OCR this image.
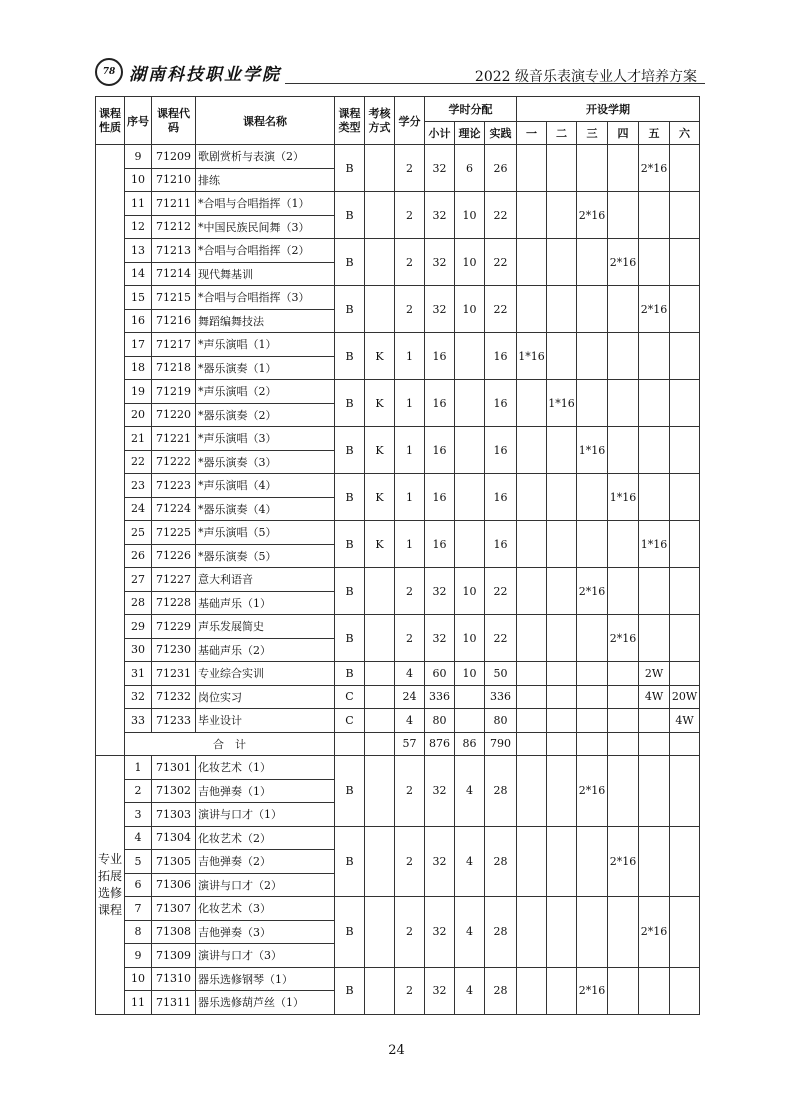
78 湖南科技职业学院	2022 级音乐表演专业人才培养方案
课程性质	序号	课程代码	课程名称	课程类型	考核方式	学分	学时分配			开设学期					
							小计	理论	实践	一	二	三	四	五	六
	9	71209	歌剧赏析与表演（2）	B		2	32	6	26					2*16	
	10	71210	排练												
	11	71211	*合唱与合唱指挥（1）	B		2	32	10	22			2*16			
	12	71212	*中国民族民间舞（3）												
	13	71213	*合唱与合唱指挥（2）	B		2	32	10	22				2*16		
	14	71214	现代舞基训												
	15	71215	*合唱与合唱指挥（3）	B		2	32	10	22					2*16	
	16	71216	舞蹈编舞技法												
	17	71217	*声乐演唱（1）	B	K	1	16		16	1*16					
	18	71218	*器乐演奏（1）												
	19	71219	*声乐演唱（2）	B	K	1	16		16		1*16				
	20	71220	*器乐演奏（2）												
	21	71221	*声乐演唱（3）	B	K	1	16		16			1*16			
	22	71222	*器乐演奏（3）												
	23	71223	*声乐演唱（4）	B	K	1	16		16				1*16		
	24	71224	*器乐演奏（4）												
	25	71225	*声乐演唱（5）	B	K	1	16		16					1*16	
	26	71226	*器乐演奏（5）												
	27	71227	意大利语音	B		2	32	10	22			2*16			
	28	71228	基础声乐（1）												
	29	71229	声乐发展简史	B		2	32	10	22				2*16		
	30	71230	基础声乐（2）												
	31	71231	专业综合实训	B		4	60	10	50					2W	
	32	71232	岗位实习	C		24	336		336					4W	20W
	33	71233	毕业设计	C		4	80		80						4W
	合　计					57	876	86	790						
专业拓展选修课程	1	71301	化妆艺术（1）	B		2	32	4	28			2*16			
	2	71302	吉他弹奏（1）												
	3	71303	演讲与口才（1）												
	4	71304	化妆艺术（2）	B		2	32	4	28				2*16		
	5	71305	吉他弹奏（2）												
	6	71306	演讲与口才（2）												
	7	71307	化妆艺术（3）	B		2	32	4	28					2*16	
	8	71308	吉他弹奏（3）												
	9	71309	演讲与口才（3）												
	10	71310	器乐选修钢琴（1）	B		2	32	4	28			2*16			
	11	71311	器乐选修葫芦丝（1）												
24
